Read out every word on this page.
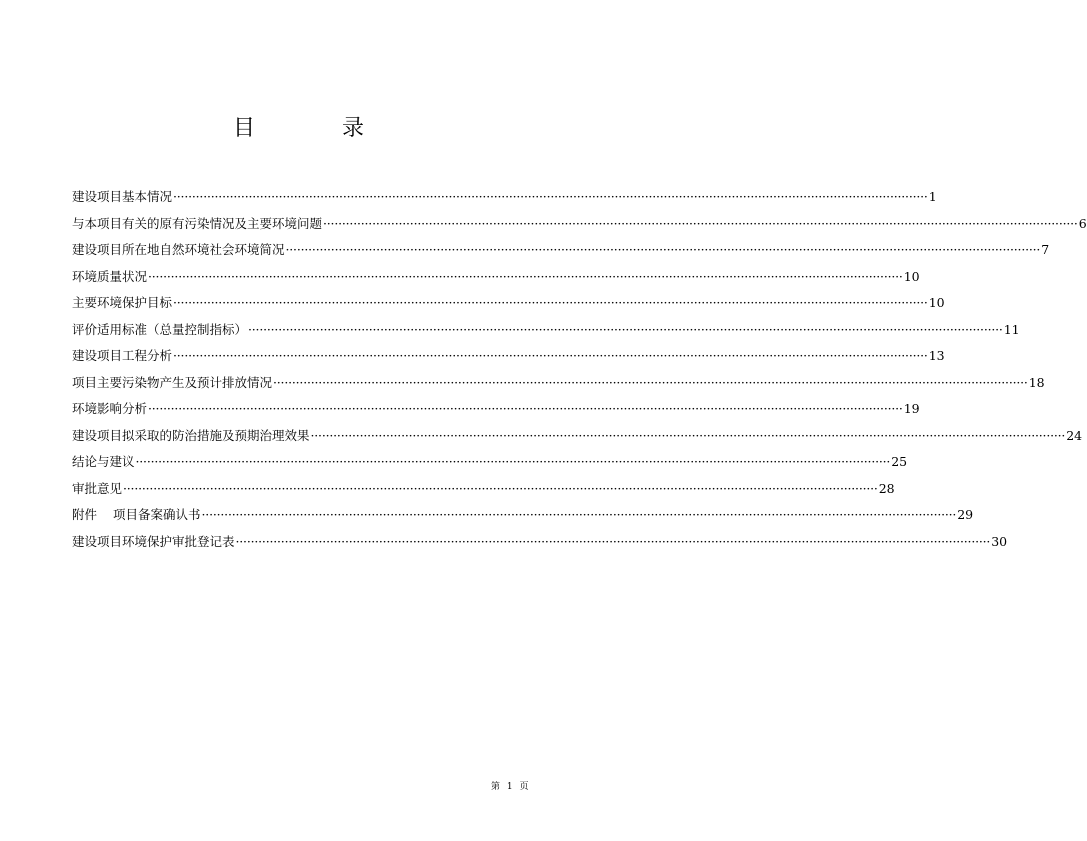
目	录
建设项目基本情况 ········································································································································································································ 1
与本项目有关的原有污染情况及主要环境问题 ········································································································································································································ 6
建设项目所在地自然环境社会环境简况 ········································································································································································································ 7
环境质量状况 ········································································································································································································ 10
主要环境保护目标 ········································································································································································································ 10
评价适用标准（总量控制指标） ········································································································································································································ 11
建设项目工程分析 ········································································································································································································ 13
项目主要污染物产生及预计排放情况 ········································································································································································································ 18
环境影响分析 ········································································································································································································ 19
建设项目拟采取的防治措施及预期治理效果 ········································································································································································································ 24
结论与建议 ········································································································································································································ 25
审批意见 ········································································································································································································ 28
附件 项目备案确认书 ········································································································································································································ 29
建设项目环境保护审批登记表 ········································································································································································································ 30
第 1 页
